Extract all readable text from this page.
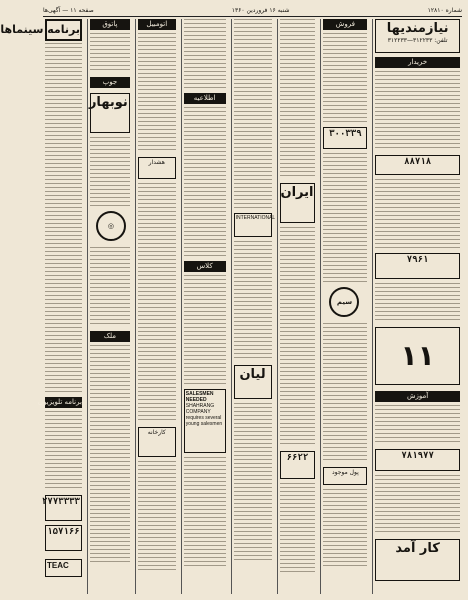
شماره ۱۲۸۱۰
شنبه ۱۶ فروردین ۱۳۶۰
صفحه ۱۱ — آگهی‌ها
نیازمندیها
تلفن: ۳۱۲۲۳۳—۳۱۲۲۳۳
خریدار
۸۸۷۱۸
۷۹۶۱
۱۱
آموزش
۷۸۱۹۷۷
کار آمد
فروش
۳۰۰۳۳۹
سیم
پول موجود
ایران
۶۶۲۲
INTERNATIONAL
لیان
اطلاعیه
کلاس
SALESMEN NEEDED
SHAHRANG COMPANY requires several young salesmen
اتومبیل
هشدار
کارخانه
پاتوق
جوپ
نوبهار
◎
ملک
برنامه سینماها
برنامه تلویزیون
۲۷۷۳۳۳۳
۱۵۷۱۶۶
TEAC
